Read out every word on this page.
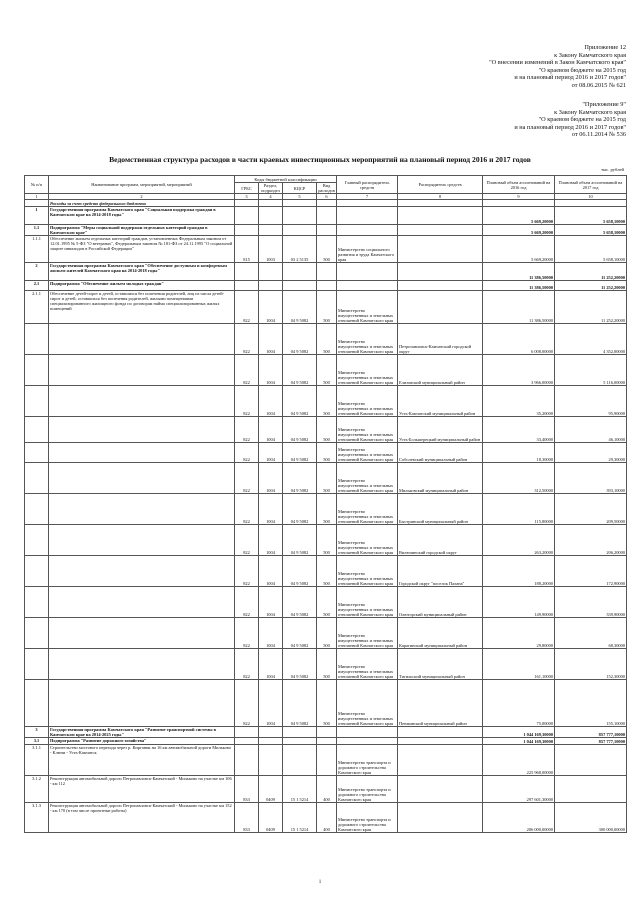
Приложение 12
к Закону Камчатского края
"О внесении изменений в Закон Камчатского края"
"О краевом бюджете на 2015 год
и на плановый период 2016 и 2017 годов"
от 08.06.2015 № 621
"Приложение 9"
к Закону Камчатского края
"О краевом бюджете на 2015 год
и на плановый период 2016 и 2017 годов"
от 06.11.2014 № 536
Ведомственная структура расходов в части краевых инвестиционных мероприятий на плановый период 2016 и 2017 годов
тыс. рублей
№ п/п	Наименование программ, мероприятий, мероприятий	Коды бюджетной классификации				Главный распорядитель средств	Распорядитель средств	Плановый объем ассигнований на 2016 год	Плановый объем ассигнований на 2017 год
		ГРБС	Раздел, подраздел	КЦСР	Вид расходов				
1	2	3	4	5	6	7	8	9	10
	Расходы за счет средств федерального бюджета								
1	Государственная программа Камчатского края "Социальная поддержка граждан в Камчатском крае на 2014-2018 годы"							5 669,20000	5 658,10000
1.1	Подпрограмма "Меры социальной поддержки отдельных категорий граждан в Камчатском крае"							5 669,20000	5 658,10000
1.1.1	Обеспечение жильем отдельных категорий граждан, установленных Федеральным законом от 12.01.1995 № 5-ФЗ "О ветеранах", Федеральным законом № 181-ФЗ от 24.11.1995 "О социальной защите инвалидов в Российской Федерации"	815	1003	03 2 5135	500	Министерство социального развития и труда Камчатского края		5 669,20000	5 658,10000
2	Государственная программа Камчатского края "Обеспечение доступным и комфортным жильем жителей Камчатского края на 2014-2018 годы"							11 386,50000	11 252,20000
2.1	Подпрограмма "Обеспечение жильем молодых граждан"							11 386,50000	11 252,20000
2.1.1	Обеспечение детей-сирот и детей, оставшихся без попечения родителей, лиц из числа детей-сирот и детей, оставшихся без попечения родителей, жилыми помещениями специализированного жилищного фонда по договорам найма специализированных жилых помещений	822	1004	04 9 5082	500	Министерство имущественных и земельных отношений Камчатского края		11 386,50000	11 252,20000
		822	1004	04 9 5082	500	Министерство имущественных и земельных отношений Камчатского края	Петропавловск-Камчатский городской округ	6 008,00000	4 352,00000
		822	1004	04 9 5082	500	Министерство имущественных и земельных отношений Камчатского края	Елизовский муниципальный район	3 966,00000	5 116,00000
		822	1004	04 9 5082	500	Министерство имущественных и земельных отношений Камчатского края	Усть-Камчатский муниципальный район	35,20000	95,90000
		822	1004	04 9 5082	500	Министерство имущественных и земельных отношений Камчатского края	Усть-Большерецкий муниципальный район	33,40000	46,10000
		822	1004	04 9 5082	500	Министерство имущественных и земельных отношений Камчатского края	Соболевский муниципальный район	18,30000	29,30000
		822	1004	04 9 5082	500	Министерство имущественных и земельных отношений Камчатского края	Мильковский муниципальный район	312,50000	393,10000
		822	1004	04 9 5082	500	Министерство имущественных и земельных отношений Камчатского края	Быстринский муниципальный район	115,80000	209,50000
		822	1004	04 9 5082	500	Министерство имущественных и земельных отношений Камчатского края	Вилючинский городской округ	263,20000	206,20000
		822	1004	04 9 5082	500	Министерство имущественных и земельных отношений Камчатского края	Городской округ "поселок Палана"	188,20000	172,90000
		822	1004	04 9 5082	500	Министерство имущественных и земельных отношений Камчатского края	Олюторский муниципальный район	149,90000	339,90000
		822	1004	04 9 5082	500	Министерство имущественных и земельных отношений Камчатского края	Карагинский муниципальный район	29,80000	68,30000
		822	1004	04 9 5082	500	Министерство имущественных и земельных отношений Камчатского края	Тигильский муниципальный район	161,10000	152,30000
		822	1004	04 9 5082	500	Министерство имущественных и земельных отношений Камчатского края	Пенжинский муниципальный район	75,00000	155,10000
3	Государственная программа Камчатского края "Развитие транспортной системы в Камчатском крае на 2014-2025 годы"							1 044 169,30000	857 777,10000
3.1	Подпрограмма "Развитие дорожного хозяйства"							1 044 169,30000	857 777,10000
3.1.1	Строительство мостового перехода через р. Кирганик на 16 км автомобильной дороги Мильково - Ключи - Усть-Камчатск					Министерство транспорта и дорожного строительства Камчатского края		225 968,00000	
3.1.2	Реконструкция автомобильной дороги Петропавловск-Камчатский - Мильково на участке км 106 - км 112	833	0409	15 1 5214	400	Министерство транспорта и дорожного строительства Камчатского края		297 601,30000	
3.1.3	Реконструкция автомобильной дороги Петропавловск-Камчатский - Мильково на участке км 152 - км 170 (в том числе проектные работы)	833	0409	15 1 5214	400	Министерство транспорта и дорожного строительства Камчатского края		206 000,00000	300 000,00000
1
